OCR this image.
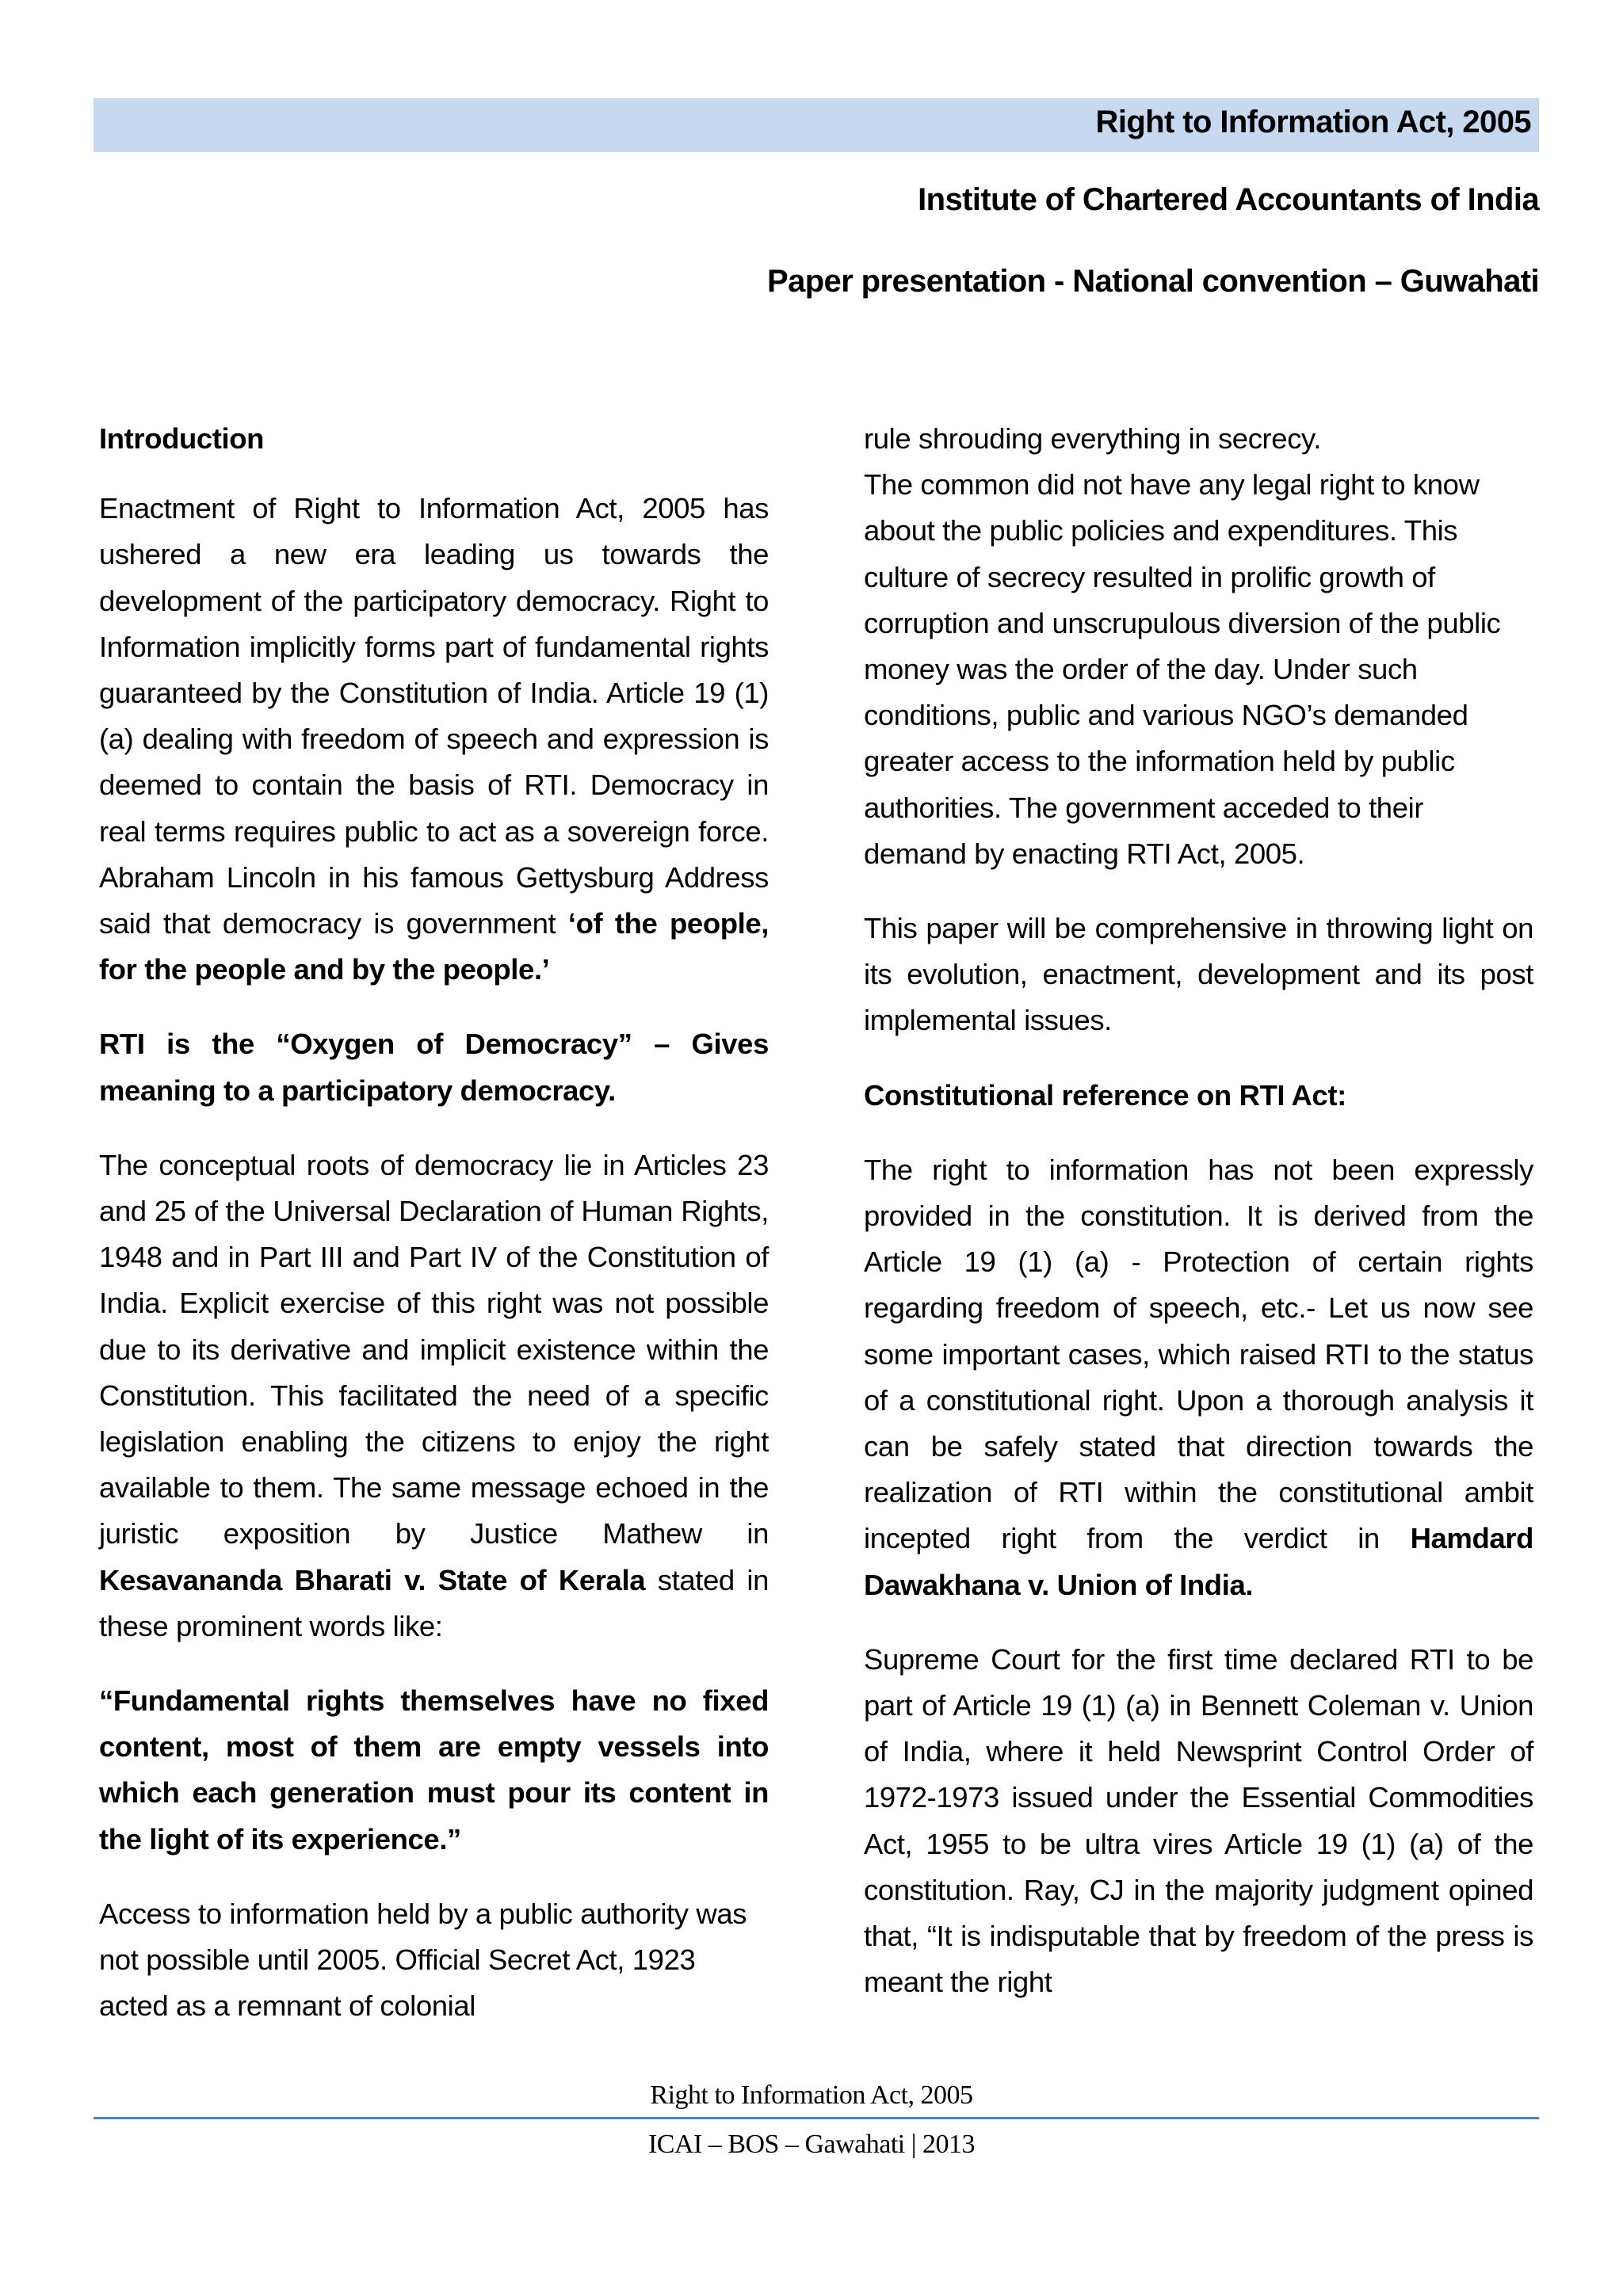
Right to Information Act, 2005
Institute of Chartered Accountants of India
Paper presentation - National convention – Guwahati
Introduction

Enactment of Right to Information Act, 2005 has ushered a new era leading us towards the development of the participatory democracy. Right to Information implicitly forms part of fundamental rights guaranteed by the Constitution of India. Article 19 (1) (a) dealing with freedom of speech and expression is deemed to contain the basis of RTI. Democracy in real terms requires public to act as a sovereign force. Abraham Lincoln in his famous Gettysburg Address said that democracy is government ‘of the people, for the people and by the people.’

RTI is the “Oxygen of Democracy” – Gives meaning to a participatory democracy.

The conceptual roots of democracy lie in Articles 23 and 25 of the Universal Declaration of Human Rights, 1948 and in Part III and Part IV of the Constitution of India. Explicit exercise of this right was not possible due to its derivative and implicit existence within the Constitution. This facilitated the need of a specific legislation enabling the citizens to enjoy the right available to them. The same message echoed in the juristic exposition by Justice Mathew in Kesavananda Bharati v. State of Kerala stated in these prominent words like:

“Fundamental rights themselves have no fixed content, most of them are empty vessels into which each generation must pour its content in the light of its experience.”

Access to information held by a public authority was not possible until 2005. Official Secret Act, 1923 acted as a remnant of colonial

rule shrouding everything in secrecy.

The common did not have any legal right to know about the public policies and expenditures. This culture of secrecy resulted in prolific growth of corruption and unscrupulous diversion of the public money was the order of the day. Under such conditions, public and various NGO’s demanded greater access to the information held by public authorities. The government acceded to their demand by enacting RTI Act, 2005.

This paper will be comprehensive in throwing light on its evolution, enactment, development and its post implemental issues.

Constitutional reference on RTI Act:

The right to information has not been expressly provided in the constitution. It is derived from the Article 19 (1) (a) - Protection of certain rights regarding freedom of speech, etc.- Let us now see some important cases, which raised RTI to the status of a constitutional right. Upon a thorough analysis it can be safely stated that direction towards the realization of RTI within the constitutional ambit incepted right from the verdict in Hamdard Dawakhana v. Union of India.

Supreme Court for the first time declared RTI to be part of Article 19 (1) (a) in Bennett Coleman v. Union of India, where it held Newsprint Control Order of 1972-1973 issued under the Essential Commodities Act, 1955 to be ultra vires Article 19 (1) (a) of the constitution. Ray, CJ in the majority judgment opined that, “It is indisputable that by freedom of the press is meant the right

Right to Information Act, 2005
ICAI – BOS – Gawahati | 2013
